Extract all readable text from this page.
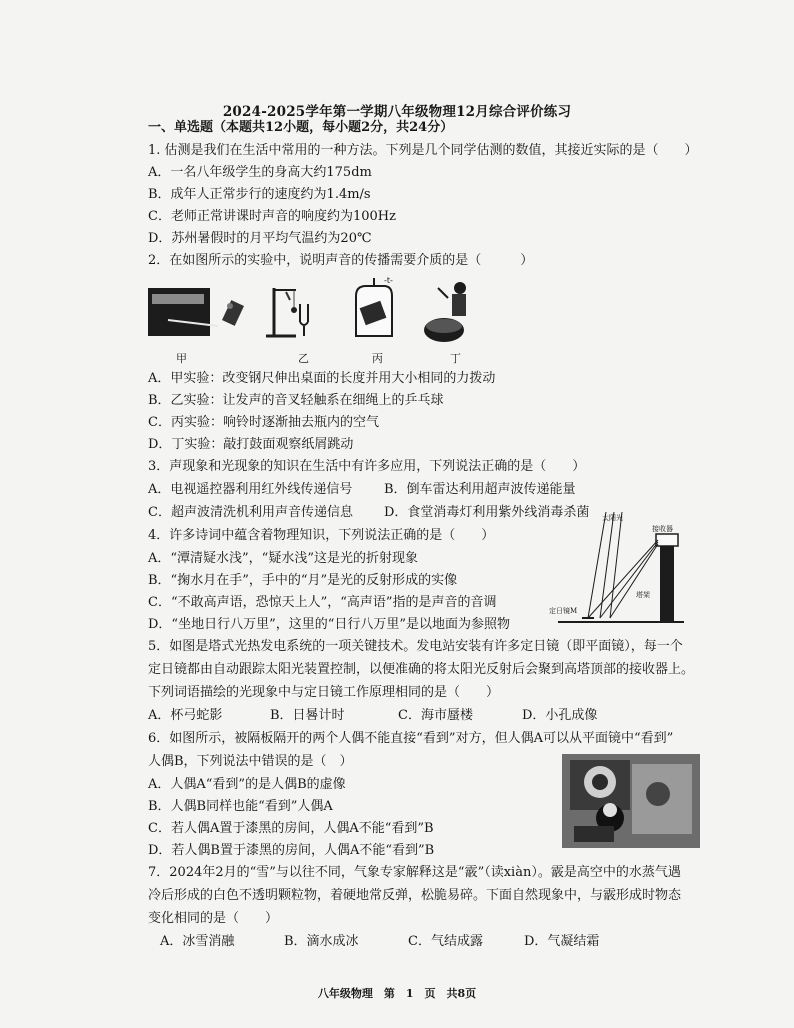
2024-2025学年第一学期八年级物理12月综合评价练习
一、单选题（本题共12小题，每小题2分，共24分）
1. 估测是我们在生活中常用的一种方法。下列是几个同学估测的数值，其接近实际的是（　　）
A．一名八年级学生的身高大约175dm
B．成年人正常步行的速度约为1.4m/s
C．老师正常讲课时声音的响度约为100Hz
D．苏州暑假时的月平均气温约为20℃
2．在如图所示的实验中，说明声音的传播需要介质的是（　　　）
-t-
甲	乙	丙	丁
A．甲实验：改变钢尺伸出桌面的长度并用大小相同的力拨动
B．乙实验：让发声的音叉轻触系在细绳上的乒乓球
C．丙实验：响铃时逐渐抽去瓶内的空气
D．丁实验：敲打鼓面观察纸屑跳动
3．声现象和光现象的知识在生活中有许多应用，下列说法正确的是（　　）
A．电视遥控器利用红外线传递信号 B．倒车雷达利用超声波传递能量
C．超声波清洗机利用声音传递信息 D．食堂消毒灯利用紫外线消毒杀菌
4．许多诗词中蕴含着物理知识，下列说法正确的是（　　）
A．“潭清疑水浅”，“疑水浅”这是光的折射现象
B．“掬水月在手”，手中的“月”是光的反射形成的实像
C．“不敢高声语，恐惊天上人”，“高声语”指的是声音的音调
D．“坐地日行八万里”，这里的“日行八万里”是以地面为参照物
太阳光
接收器
塔架
定日镜M
5．如图是塔式光热发电系统的一项关键技术。发电站安装有许多定日镜（即平面镜），每一个
定日镜都由自动跟踪太阳光装置控制，以便准确的将太阳光反射后会聚到高塔顶部的接收器上。
下列词语描绘的光现象中与定日镜工作原理相同的是（　　）
A．杯弓蛇影	B．日晷计时	C．海市蜃楼	D．小孔成像
6．如图所示，被隔板隔开的两个人偶不能直接“看到”对方，但人偶A可以从平面镜中“看到”
人偶B，下列说法中错误的是（　）
A．人偶A“看到”的是人偶B的虚像
B．人偶B同样也能“看到”人偶A
C．若人偶A置于漆黑的房间，人偶A不能“看到”B
D．若人偶B置于漆黑的房间，人偶A不能“看到”B
7．2024年2月的“雪”与以往不同，气象专家解释这是“霰”（读xiàn）。霰是高空中的水蒸气遇
冷后形成的白色不透明颗粒物，着硬地常反弹，松脆易碎。下面自然现象中，与霰形成时物态
变化相同的是（　　）
A．冰雪消融	B．滴水成冰	C．气结成露	D．气凝结霜
八年级物理　第　1　页　共8页
